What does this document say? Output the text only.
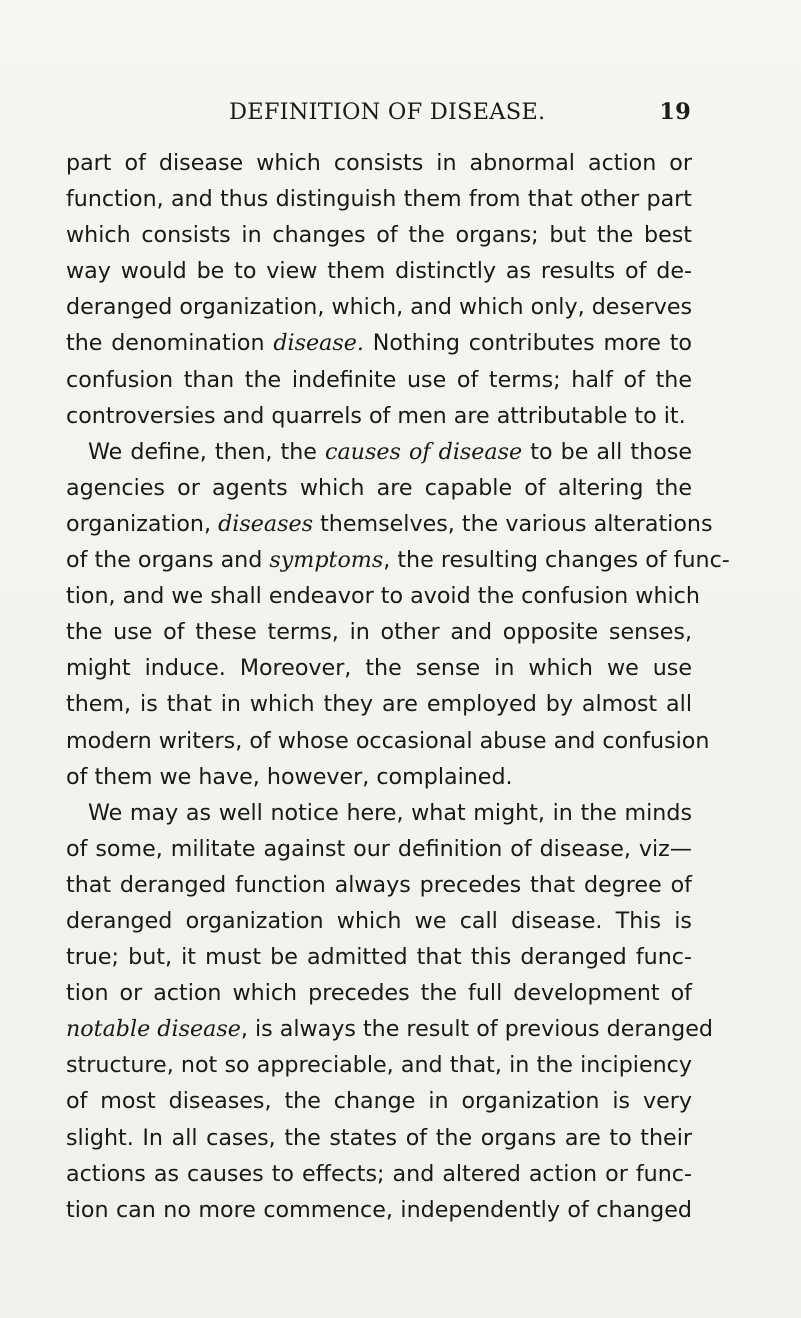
DEFINITION OF DISEASE.	19
part of disease which consists in abnormal action or
function, and thus distinguish them from that other part
which consists in changes of the organs; but the best
way would be to view them distinctly as results of de-
deranged organization, which, and which only, deserves
the denomination disease. Nothing contributes more to
confusion than the indefinite use of terms; half of the
controversies and quarrels of men are attributable to it.
We define, then, the causes of disease to be all those
agencies or agents which are capable of altering the
organization, diseases themselves, the various alterations
of the organs and symptoms, the resulting changes of func-
tion, and we shall endeavor to avoid the confusion which
the use of these terms, in other and opposite senses,
might induce. Moreover, the sense in which we use
them, is that in which they are employed by almost all
modern writers, of whose occasional abuse and confusion
of them we have, however, complained.
We may as well notice here, what might, in the minds
of some, militate against our definition of disease, viz—
that deranged function always precedes that degree of
deranged organization which we call disease. This is
true; but, it must be admitted that this deranged func-
tion or action which precedes the full development of
notable disease, is always the result of previous deranged
structure, not so appreciable, and that, in the incipiency
of most diseases, the change in organization is very
slight. In all cases, the states of the organs are to their
actions as causes to effects; and altered action or func-
tion can no more commence, independently of changed
